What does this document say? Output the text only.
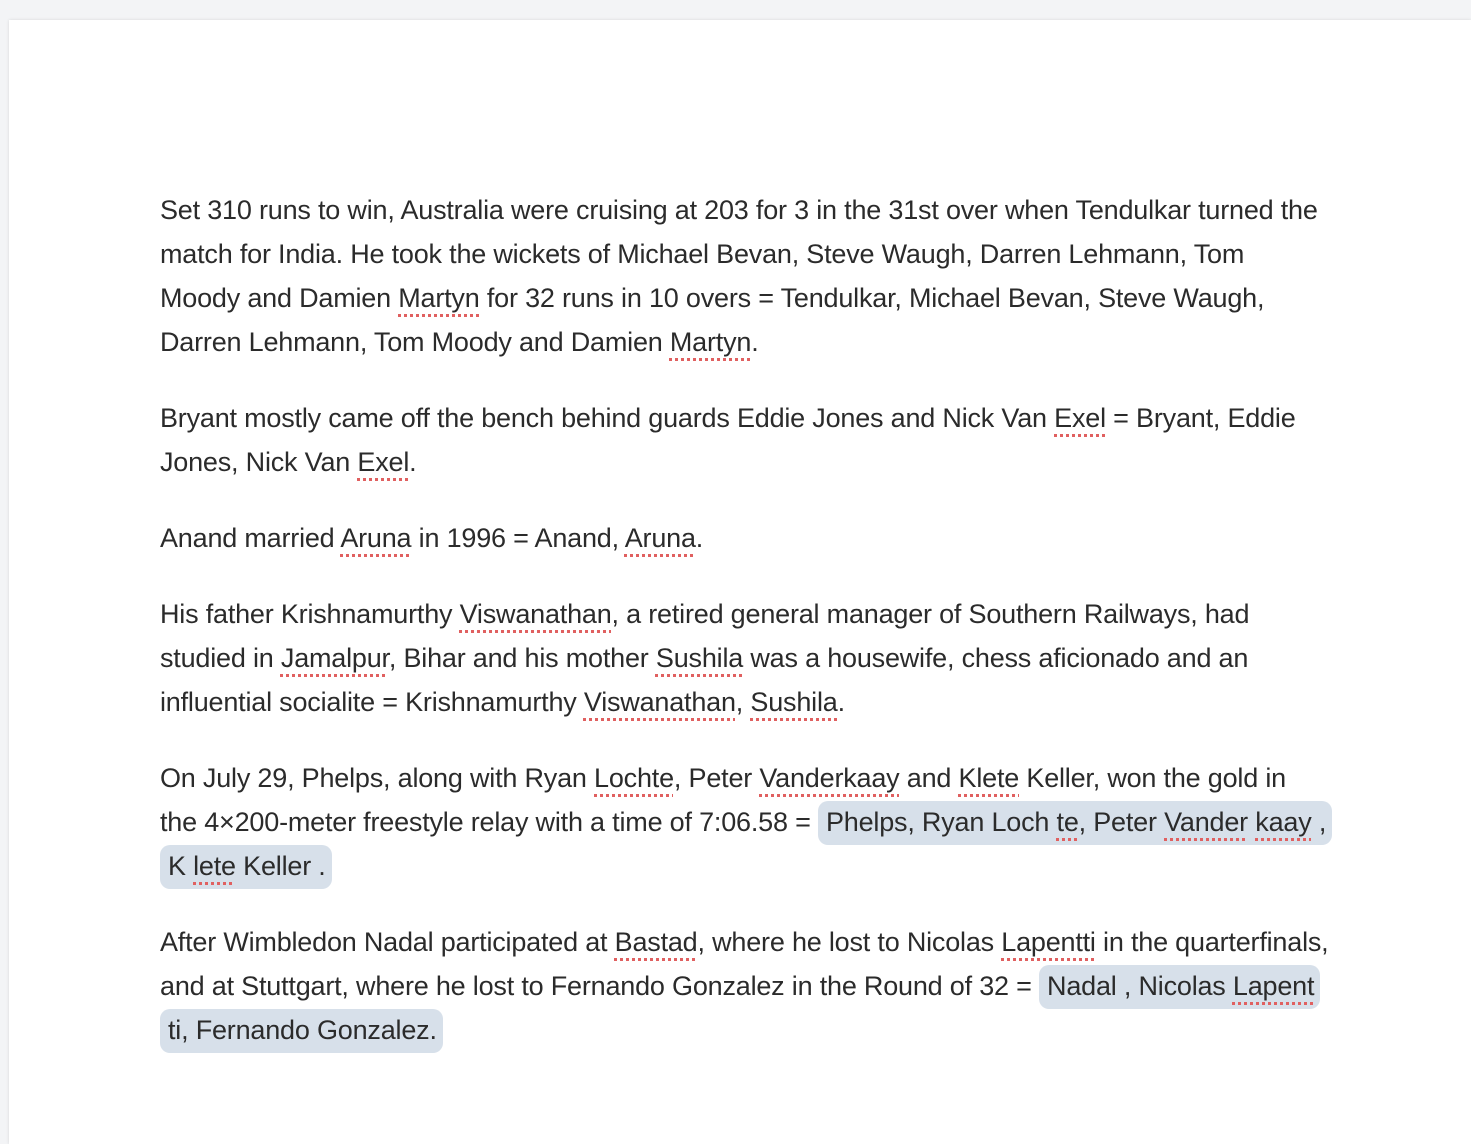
Set 310 runs to win, Australia were cruising at 203 for 3 in the 31st over when Tendulkar turned the match for India. He took the wickets of Michael Bevan, Steve Waugh, Darren Lehmann, Tom Moody and Damien Martyn for 32 runs in 10 overs = Tendulkar, Michael Bevan, Steve Waugh, Darren Lehmann, Tom Moody and Damien Martyn.

Bryant mostly came off the bench behind guards Eddie Jones and Nick Van Exel = Bryant, Eddie Jones, Nick Van Exel.

Anand married Aruna in 1996 = Anand, Aruna.

His father Krishnamurthy Viswanathan, a retired general manager of Southern Railways, had studied in Jamalpur, Bihar and his mother Sushila was a housewife, chess aficionado and an influential socialite = Krishnamurthy Viswanathan, Sushila.

On July 29, Phelps, along with Ryan Lochte, Peter Vanderkaay and Klete Keller, won the gold in the 4×200-meter freestyle relay with a time of 7:06.58 = Phelps, Ryan Loch te, Peter Vander kaay , K lete Keller .

After Wimbledon Nadal participated at Bastad, where he lost to Nicolas Lapentti in the quarterfinals, and at Stuttgart, where he lost to Fernando Gonzalez in the Round of 32 = Nadal , Nicolas Lapent ti, Fernando Gonzalez.
